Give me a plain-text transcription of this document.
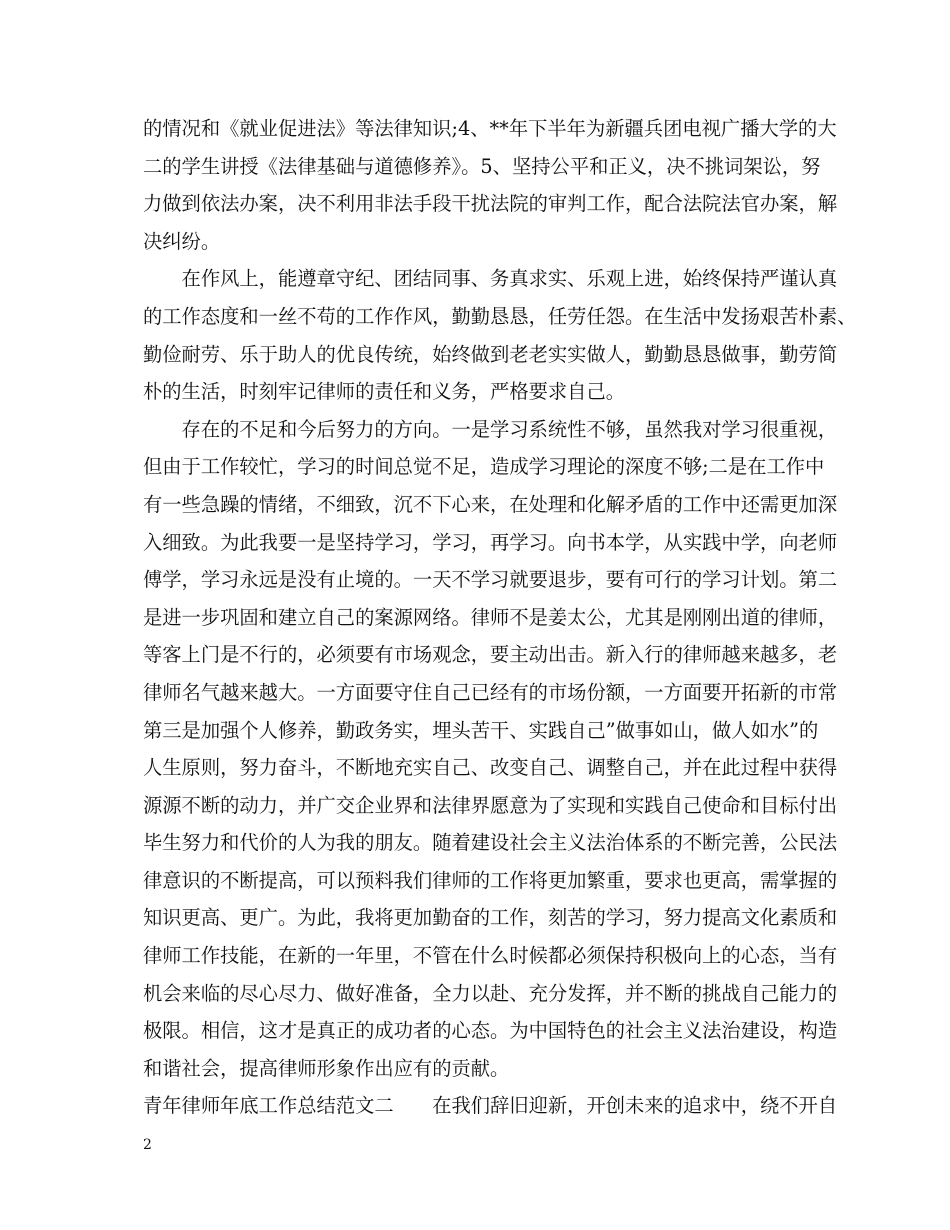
的情况和《就业促进法》等法律知识;4、**年下半年为新疆兵团电视广播大学的大
二的学生讲授《法律基础与道德修养》。5、坚持公平和正义，决不挑词架讼，努
力做到依法办案，决不利用非法手段干扰法院的审判工作，配合法院法官办案，解
决纠纷。
　　在作风上，能遵章守纪、团结同事、务真求实、乐观上进，始终保持严谨认真
的工作态度和一丝不苟的工作作风，勤勤恳恳，任劳任怨。在生活中发扬艰苦朴素、
勤俭耐劳、乐于助人的优良传统，始终做到老老实实做人，勤勤恳恳做事，勤劳简
朴的生活，时刻牢记律师的责任和义务，严格要求自己。
　　存在的不足和今后努力的方向。一是学习系统性不够，虽然我对学习很重视，
但由于工作较忙，学习的时间总觉不足，造成学习理论的深度不够;二是在工作中
有一些急躁的情绪，不细致，沉不下心来，在处理和化解矛盾的工作中还需更加深
入细致。为此我要一是坚持学习，学习，再学习。向书本学，从实践中学，向老师
傅学，学习永远是没有止境的。一天不学习就要退步，要有可行的学习计划。第二
是进一步巩固和建立自己的案源网络。律师不是姜太公，尤其是刚刚出道的律师，
等客上门是不行的，必须要有市场观念，要主动出击。新入行的律师越来越多，老
律师名气越来越大。一方面要守住自己已经有的市场份额，一方面要开拓新的市常
第三是加强个人修养，勤政务实，埋头苦干、实践自己”做事如山，做人如水”的
人生原则，努力奋斗，不断地充实自己、改变自己、调整自己，并在此过程中获得
源源不断的动力，并广交企业界和法律界愿意为了实现和实践自己使命和目标付出
毕生努力和代价的人为我的朋友。随着建设社会主义法治体系的不断完善，公民法
律意识的不断提高，可以预料我们律师的工作将更加繁重，要求也更高，需掌握的
知识更高、更广。为此，我将更加勤奋的工作，刻苦的学习，努力提高文化素质和
律师工作技能，在新的一年里，不管在什么时候都必须保持积极向上的心态，当有
机会来临的尽心尽力、做好准备，全力以赴、充分发挥，并不断的挑战自己能力的
极限。相信，这才是真正的成功者的心态。为中国特色的社会主义法治建设，构造
和谐社会，提高律师形象作出应有的贡献。
青年律师年底工作总结范文二　　在我们辞旧迎新，开创未来的追求中，绕不开自
2
